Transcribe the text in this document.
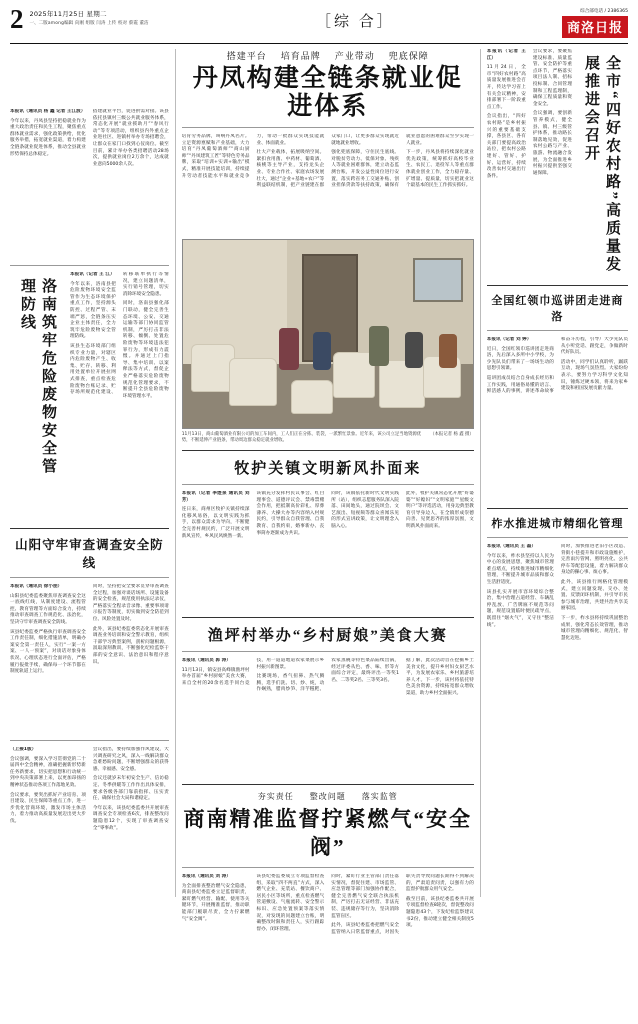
2 2025年11月25日 星期二
一、二版among编辑 向刚 组版 闫涛 上传 校对 蔡霞 董洁	［综 合］
综合部电话 / 2386365
商洛日报

本报讯（通讯员 杨 鑫 记者 王江波）

今年以来，丹凤县坚持把稳就业作为重大政治责任和民生工程，聚焦重点群体就业需求，强化政策供给，优化服务举措，拓宽就业渠道，着力构建全链条就业促进体系，推动全县就业形势保持总体稳定。

搭建就业平台，促进供需对接。该县依托县镇村三级公共就业服务体系，常态化开展“就业援助月”“春风行动”等专项活动，组织县内外重点企业进社区、进镇村举办专场招聘会，让群众在家门口找到心仪岗位。截至目前，累计举办各类招聘活动28场次，提供就业岗位2万余个，达成就业意向5000余人次。

洛南筑牢危险废物安全管理防线

本报讯（记者 王 江）

今年以来，洛南县把危险废物环境安全监管作为生态环境保护重点工作，坚持源头防控、过程严管、末端严惩，全链条压实企业主体责任，全力筑牢危险废物安全管理防线。

该县生态环境部门组织专业力量，对辖区内危险废物产生、收集、贮存、转移、利用处置单位开展拉网式排查，重点检查危险废物台账记录、贮存场所规范化建设、转移联单执行等情况，建立问题清单，实行销号管理，切实消除环境安全隐患。

同时，洛南县强化部门联动，健全完善生态环境、公安、交通运输等部门协同监管机制，严厉打击非法转移、倾倒、处置危险废物等环境违法犯罪行为，形成有力震慑。并通过上门指导、集中培训、以案释法等方式，督促企业严格落实危险废物规范化管理要求，不断提升全县危险废物环境管理水平。

山阳守牢审查调查安全防线

本报讯（通讯员 徐小朋）

山阳县纪委监委聚焦审查调查安全这一底线红线，从制度建设、流程管控、教育管理等方面综合发力，持续推动审查调查工作规范化、法治化，坚决守牢审查调查安全防线。

该县纪委监委严格执行审查调查安全工作责任制，细化措施清单，明确办案安全第一责任人，实行“一案一方案、一人一预案”，对谈话对象身体状况、心理状态进行全面评估，严格履行报批手续，确保每一个环节都在制度轨道上运行。

同时，坚持把安全要求贯穿审查调查全过程，加强对谈话场所、设施设备的安全检查，规范使用执法记录仪，严格落实全程录音录像、重要事项请示报告等制度，切实做到安全防范到位、风险处置及时。

此外，该县纪委监委常态化开展审查调查业务培训和安全警示教育，组织干部学习典型案例，剖析问题根源，汲取深刻教训，不断强化纪检监察干部的安全意识、法治意识和程序意识。

（上接1版）

会议强调，要深入学习贯彻党的二十届四中全会精神，准确把握新形势新任务新要求，切实把思想和行动统一到中央决策部署上来，以更加昂扬的精神状态推动各项工作落地见效。

会议要求，要突出抓好产业培育、项目建设、民生保障等重点工作，进一步优化营商环境，激发市场主体活力，着力推动高质量发展迈出更大步伐。

会议指出，要持续加强作风建设，大兴调查研究之风，深入一线解决群众急难愁盼问题，不断增强群众的获得感、幸福感、安全感。

会议还就岁末年初安全生产、信访稳定、冬季供暖等工作作出具体安排，要求各级各部门靠前指挥、压实责任，确保社会大局和谐稳定。

今年以来，该县纪委监委共开展审查调查安全专项检查6次，排查整改问题隐患12个，实现了审查调查安全“零事故”。

搭建平台 培育品牌 产业带动 兜底保障
丹凤构建全链条就业促进体系

培育劳务品牌，叫响丹凤名片。立足资源禀赋和产业基础，大力培育“丹凤葡萄酒师”“商山厨师”“丹凤建筑工匠”等特色劳务品牌，采取“培训+实训+输出”模式，精准开展技能培训，持续提升劳动者技能水平和就业竞争力，带动一批群众实现技能就业、体面就业。

壮大产业载体，拓展吸纳空间。紧扣食用菌、中药材、葡萄酒、核桃等主导产业，支持龙头企业、专业合作社、家庭农场发展壮大，通过“企业+基地+农户”等利益联结机制，把产业链建在群众家门口，让更多群众实现就近就地就业增收。

强化兜底保障，守住民生底线。对脱贫劳动力、低保对象、残疾人等就业困难群体，建立动态监测台账，开发公益性岗位进行安置，落实跨省务工交通补贴、创业担保贷款等扶持政策，确保有就业意愿的困难群众至少实现一人就业。

下一步，丹凤县将持续深化就业优先政策，统筹抓好高校毕业生、农民工、退役军人等重点群体就业创业工作，全力稳存量、扩增量、提质量，切实把就业这个最基本的民生工作抓实抓好。

11月13日，商山葡萄酒业有限公司的加工车间内，工人们正在分拣、装袋，一派繁忙景象。近年来，该公司立足当地资源优势，不断延伸产业链条，带动周边群众稳定就业增收。
（本报记者 杨 鑫 摄）
牧护关镇文明新风扑面来

本报讯（记者 李煜泉 通讯员 刘 芳）

连日来，商州区牧护关镇持续深化移风易俗，以文明实践为抓手，以群众需求为导向，不断健全完善村规民约，广泛开展文明新风宣传，乡风民风焕然一新。

该镇充分发挥村民议事会、红白理事会、道德评议会、禁毒禁赌会作用，把抵制高价彩礼、厚葬薄养、大操大办等内容纳入村规民约，引导群众自我管理、自我教育、自我约束，婚事新办、丧事简办逐渐成为共识。

同时，该镇依托新时代文明实践所（站），组织志愿服务队深入院落、田间地头，通过院坝会、文艺演出、短视频等群众喜闻乐见的形式宣讲政策，让文明理念入脑入心。

此外，牧护关镇常态化开展“好婆婆”“好媳妇”“文明家庭”“星级文明户”等评选活动，用身边典型教育引导身边人，在全镇形成崇德向善、见贤思齐的浓厚氛围，文明新风扑面而来。

渔坪村举办“乡村厨娘”美食大赛

本报讯（通讯员 郭 涛）

11月13日，镇安县高峰镇渔坪村举办首届“乡村厨娘”美食大赛，来自全村的20余名选手同台竞技，用一道道地道农家菜展示乡村振兴新图景。

比赛现场，香气扭鼻、热气腾腾，选手们洗、切、炒、炖，动作娴熟，腊肉炒笋、洋芋糍粑、农家蒸碗等特色菜品陆续出锅，经过评委从色、香、味、形等方面综合评定，最终评出一等奖1名、二等奖2名、三等奖3名。

据了解，此次活动旨在挖掘乡土美食文化，提升乡村妇女厨艺水平，为发展农家乐、乡村旅游培养人才。下一步，该村将依托特色美食资源，持续拓宽群众增收渠道，助力乡村全面振兴。

夯实责任 整改问题 落实监管
商南精准监督拧紧燃气“安全阀”

本报讯（通讯员 刘 涛）

为全面排查整治燃气安全隐患，商南县纪委监委立足监督职责，紧盯燃气经营、输配、使用等关键环节，开展精准监督，推动职能部门履职尽责，全力拧紧燃气“安全阀”。

该县纪委监委成立专项监督检查组，采取“四不两直”方式，深入燃气企业、充装站、餐饮商户、居民小区等场所，重点检查燃气管道敷设、气瓶流转、安全警示标识、应急处置预案等落实情况，对发现的问题建立台账，明确整改时限和责任人，实行跟踪督办、闭环管理。

同时，紧盯行业主管部门责任落实情况，督促住建、市场监管、应急管理等部门加强协作配合，健全完善燃气安全联合执法机制，严厉打击无证经营、非法充装、违规储存等行为，坚决消除监管盲区。

此外，该县纪委监委把燃气安全监管纳入日常监督重点，对因失职失责导致问题长期得不到解决的，严肃追责问责，以强有力的监督护航群众用气安全。

截至目前，该县纪委监委共开展专项监督检查8轮次，督促整改问题隐患43个，下发纪检监察建议书2份，推动建立健全相关制度5项。

本报讯（记者 王 江）

11月24日，全市“四好农村路”高质量发展推进会召开，传达学习省上有关会议精神，安排部署下一阶段重点工作。

会议指出，“四好农村路”是乡村振兴的重要基础支撑，各县区、各有关部门要提高政治站位，把农村公路建好、管好、护好、运营好，持续改善农村交通出行条件。

会议要求，要聚焦建设标准、质量监管、安全防护等重点环节，严格落实项目法人制、招标投标制、合同管理制和工程监理制，确保工程质量和资金安全。

会议强调，要创新管养模式，健全县、镇、村三级管护体系，推动路长制落地见效，促进农村公路与产业、旅游、物流融合发展，为全面推进乡村振兴提供坚强交通保障。	全市“四好农村路”高质量发展推进会召开
全国红领巾巡讲团走进商洛

本报讯（记者 刘 婷）

近日，全国红领巾巡讲团走进商洛，先后深入多所中小学校，为少先队员们带来了一场场生动的思想引领课。

巡讲团成员结合自身成长经历和工作实践，用通俗易懂的语言、鲜活感人的事例，讲述革命故事和奋斗历程，引导广大少先队员从小听党话、跟党走，争做新时代好队员。

活动中，同学们认真聆听，踊跃互动，现场气氛热烈。大家纷纷表示，要努力学习科学文化知识，锤炼过硬本领，将来为家乡建设和祖国发展贡献力量。

柞水推进城市精细化管理

本报讯（通讯员 王 磊）

今年以来，柞水县坚持以人民为中心的发展思想，聚焦城市管理难点堵点，持续推进城市精细化管理，不断提升城市品质和群众生活舒适度。

该县扎实开展市容环境综合整治，集中治理占道经营、车辆乱停乱放、广告牌匾不规范等问题，规范设置临时便民疏导点，既留住“烟火气”，又守住“整洁线”。

同时，加快推进老旧小区改造、背街小巷提升和市政设施维护，完善雨污管网、照明亮化、公共停车等配套设施，着力解决群众身边的操心事、烦心事。

此外，该县推行网格化管理模式，建立问题发现、交办、处置、反馈闭环机制，并引导市民参与城市治理，共建共治共享美丽家园。

下一步，柞水县将持续巩固整治成果，强化常态长效管理，推动城市管理向精细化、规范化、智慧化迈进。
